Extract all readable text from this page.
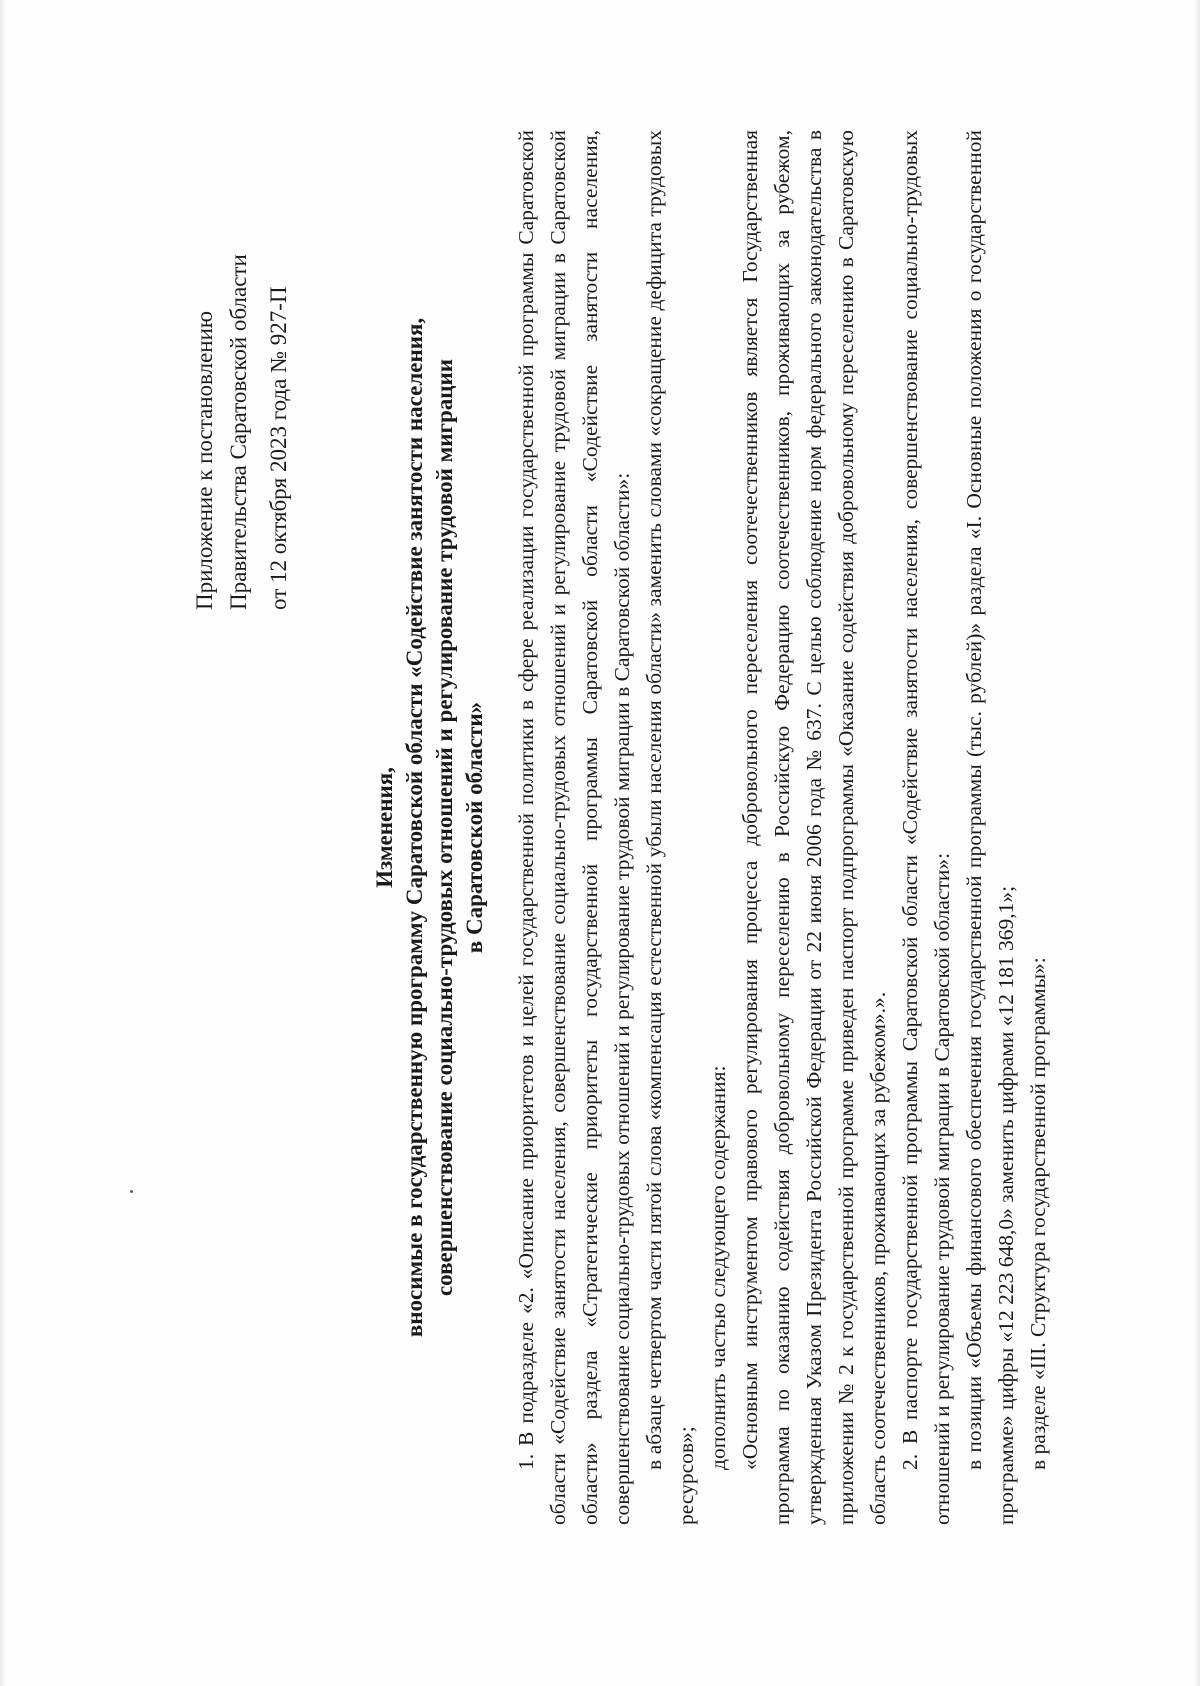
Приложение к постановлению Правительства Саратовской области от 12 октября 2023 года № 927-П
Изменения, вносимые в государственную программу Саратовской области «Содействие занятости населения, совершенствование социально-трудовых отношений и регулирование трудовой миграции в Саратовской области» 1. В подразделе «2. «Описание приоритетов и целей государственной политики в сфере реализации государственной программы Саратовской области «Содействие занятости населения, совершенствование социально-трудовых отношений и регулирование трудовой миграции в Саратовской области» раздела «Стратегические приоритеты государственной программы Саратовской области «Содействие занятости населения, совершенствование социально-трудовых отношений и регулирование трудовой миграции в Саратовской области»: в абзаце четвертом части пятой слова «компенсация естественной убыли населения области» заменить словами «сокращение дефицита трудовых ресурсов»;

дополнить частью следующего содержания: «Основным инструментом правового регулирования процесса добровольного переселения соотечественников является Государственная программа по оказанию содействия добровольному переселению в Российскую Федерацию соотечественников, проживающих за рубежом, утвержденная Указом Президента Российской Федерации от 22 июня 2006 года № 637. С целью соблюдение норм федерального законодательства в приложении № 2 к государственной программе приведен паспорт подпрограммы «Оказание содействия добровольному переселению в Саратовскую область соотечественников, проживающих за рубежом».». 2. В паспорте государственной программы Саратовской области «Содействие занятости населения, совершенствование социально-трудовых отношений и регулирование трудовой миграции в Саратовской области»: в позиции «Объемы финансового обеспечения государственной программы (тыс. рублей)» раздела «I. Основные положения о государственной программе» цифры «12 223 648,0» заменить цифрами «12 181 369,1»; в разделе «III. Структура государственной программы»:
